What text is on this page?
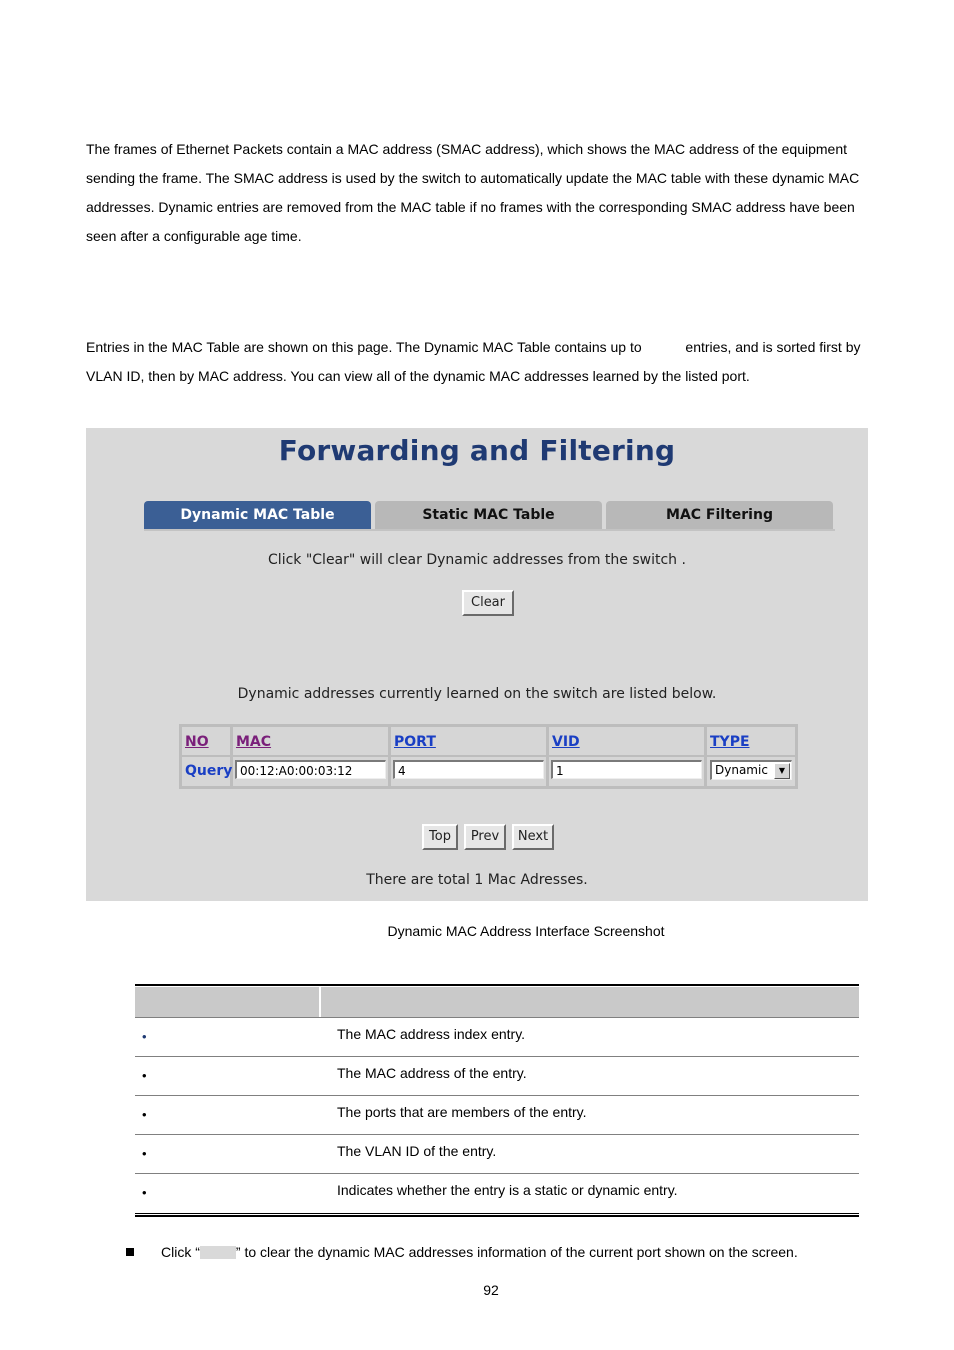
The frames of Ethernet Packets contain a MAC address (SMAC address), which shows the MAC address of the equipment sending the frame. The SMAC address is used by the switch to automatically update the MAC table with these dynamic MAC addresses. Dynamic entries are removed from the MAC table if no frames with the corresponding SMAC address have been seen after a configurable age time.

Entries in the MAC Table are shown on this page. The Dynamic MAC Table contains up to	entries, and is sorted first by VLAN ID, then by MAC address. You can view all of the dynamic MAC addresses learned by the listed port.

Forwarding and Filtering
Dynamic MAC Table	Static MAC Table	MAC Filtering
Click "Clear" will clear Dynamic addresses from the switch .
Clear
Dynamic addresses currently learned on the switch are listed below.
NO	MAC	PORT	VID	TYPE
Query 00:12:A0:00:03:12	4	1	Dynamic	▼
Top	Prev	Next
There are total 1 Mac Adresses.
Dynamic MAC Address Interface Screenshot
•	The MAC address index entry.
•	The MAC address of the entry.
•	The ports that are members of the entry.
•	The VLAN ID of the entry.
•	Indicates whether the entry is a static or dynamic entry.
Click “	” to clear the dynamic MAC addresses information of the current port shown on the screen.
92
